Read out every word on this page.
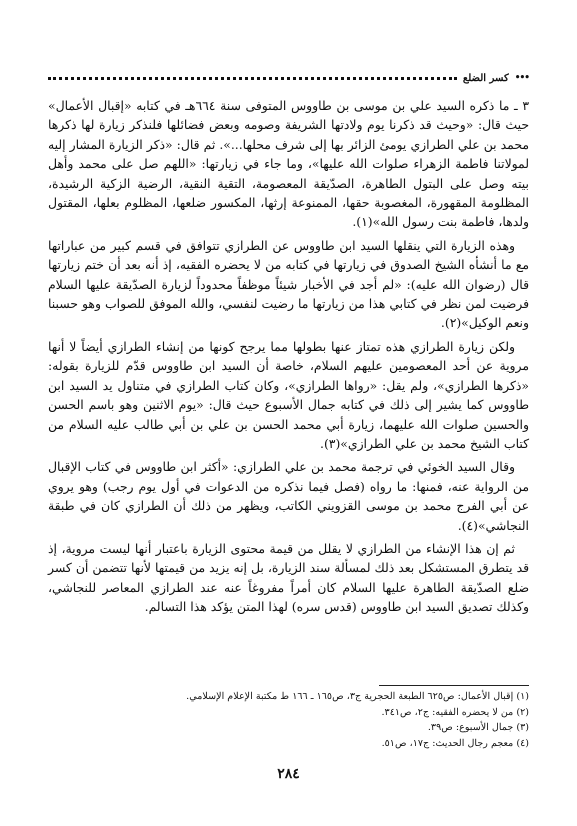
•••
كسر الضلع

٣ ـ ما ذكره السيد علي بن موسى بن طاووس المتوفى سنة ٦٦٤هـ في كتابه «إقبال الأعمال» حيث قال: «وحيث قد ذكرنا يوم ولادتها الشريفة وصومه وبعض فضائلها فلنذكر زيارة لها ذكرها محمد بن علي الطرازي يومئ الزائر بها إلى شرف محلها...». ثم قال: «ذكر الزيارة المشار إليه لمولاتنا فاطمة الزهراء صلوات الله عليها»، وما جاء في زيارتها: «اللهم صل على محمد وأهل بيته وصل على البتول الطاهرة، الصدّيقة المعصومة، التقية النقية، الرضية الزكية الرشيدة، المظلومة المقهورة، المغصوبة حقها، الممنوعة إرثها، المكسور ضلعها، المظلوم بعلها، المقتول ولدها، فاطمة بنت رسول الله»(١).

وهذه الزيارة التي ينقلها السيد ابن طاووس عن الطرازي تتوافق في قسم كبير من عباراتها مع ما أنشأه الشيخ الصدوق في زيارتها في كتابه من لا يحضره الفقيه، إذ أنه بعد أن ختم زيارتها قال (رضوان الله عليه): «لم أجد في الأخبار شيئاً موظفاً محدوداً لزيارة الصدّيقة عليها السلام فرضيت لمن نظر في كتابي هذا من زيارتها ما رضيت لنفسي، والله الموفق للصواب وهو حسبنا ونعم الوكيل»(٢).

ولكن زيارة الطرازي هذه تمتاز عنها بطولها مما يرجح كونها من إنشاء الطرازي أيضاً لا أنها مروية عن أحد المعصومين عليهم السلام، خاصة أن السيد ابن طاووس قدّم للزيارة بقوله: «ذكرها الطرازي»، ولم يقل: «رواها الطرازي»، وكان كتاب الطرازي في متناول يد السيد ابن طاووس كما يشير إلى ذلك في كتابه جمال الأسبوع حيث قال: «يوم الاثنين وهو باسم الحسن والحسين صلوات الله عليهما، زيارة أبي محمد الحسن بن علي بن أبي طالب عليه السلام من كتاب الشيخ محمد بن علي الطرازي»(٣).

وقال السيد الخوئي في ترجمة محمد بن علي الطرازي: «أكثر ابن طاووس في كتاب الإقبال من الرواية عنه، فمنها: ما رواه (فصل فيما نذكره من الدعوات في أول يوم رجب) وهو يروي عن أبي الفرج محمد بن موسى القزويني الكاتب، ويظهر من ذلك أن الطرازي كان في طبقة النجاشي»(٤).

ثم إن هذا الإنشاء من الطرازي لا يقلل من قيمة محتوى الزيارة باعتبار أنها ليست مروية، إذ قد يتطرق المستشكل بعد ذلك لمسألة سند الزيارة، بل إنه يزيد من قيمتها لأنها تتضمن أن كسر ضلع الصدّيقة الطاهرة عليها السلام كان أمراً مفروغاً عنه عند الطرازي المعاصر للنجاشي، وكذلك تصديق السيد ابن طاووس (قدس سره) لهذا المتن يؤكد هذا التسالم.

(١) إقبال الأعمال: ص٦٢٥ الطبعة الحجرية ج٣، ص١٦٥ ـ ١٦٦ ط مكتبة الإعلام الإسلامي.
(٢) من لا يحضره الفقيه: ج٢، ص٣٤١.
(٣) جمال الأسبوع: ص٣٩.
(٤) معجم رجال الحديث: ج١٧، ص٥١.
٢٨٤
